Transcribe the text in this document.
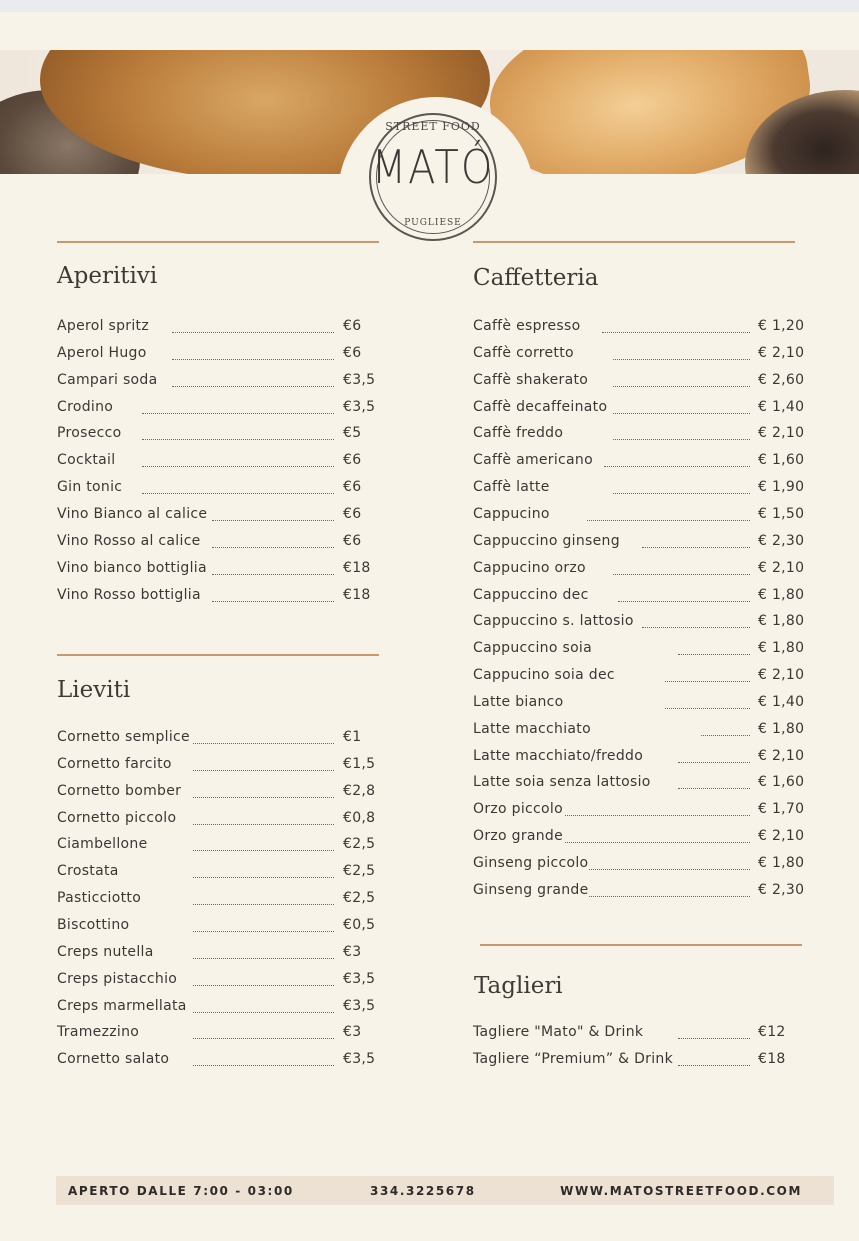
STREET FOOD
MATÓ
PUGLIESE
Aperitivi	Caffetteria
Lieviti
Taglieri
Aperol spritz	€6
Aperol Hugo	€6
Campari soda	€3,5
Crodino	€3,5
Prosecco	€5
Cocktail	€6
Gin tonic	€6
Vino Bianco al calice	€6
Vino Rosso al calice	€6
Vino bianco bottiglia	€18
Vino Rosso bottiglia	€18
Cornetto semplice	€1
Cornetto farcito	€1,5
Cornetto bomber	€2,8
Cornetto piccolo	€0,8
Ciambellone	€2,5
Crostata	€2,5
Pasticciotto	€2,5
Biscottino	€0,5
Creps nutella	€3
Creps pistacchio	€3,5
Creps marmellata	€3,5
Tramezzino	€3
Cornetto salato	€3,5
Caffè espresso	€ 1,20
Caffè corretto	€ 2,10
Caffè shakerato	€ 2,60
Caffè decaffeinato	€ 1,40
Caffè freddo	€ 2,10
Caffè americano	€ 1,60
Caffè latte	€ 1,90
Cappucino	€ 1,50
Cappuccino ginseng	€ 2,30
Cappucino orzo	€ 2,10
Cappuccino dec	€ 1,80
Cappuccino s. lattosio	€ 1,80
Cappuccino soia	€ 1,80
Cappucino soia dec	€ 2,10
Latte bianco	€ 1,40
Latte macchiato	€ 1,80
Latte macchiato/freddo	€ 2,10
Latte soia senza lattosio	€ 1,60
Orzo piccolo	€ 1,70
Orzo grande	€ 2,10
Ginseng piccolo	€ 1,80
Ginseng grande	€ 2,30
Tagliere "Mato" & Drink	€12
Tagliere “Premium” & Drink	€18
APERTO DALLE 7:00 - 03:00	334.3225678	WWW.MATOSTREETFOOD.COM
